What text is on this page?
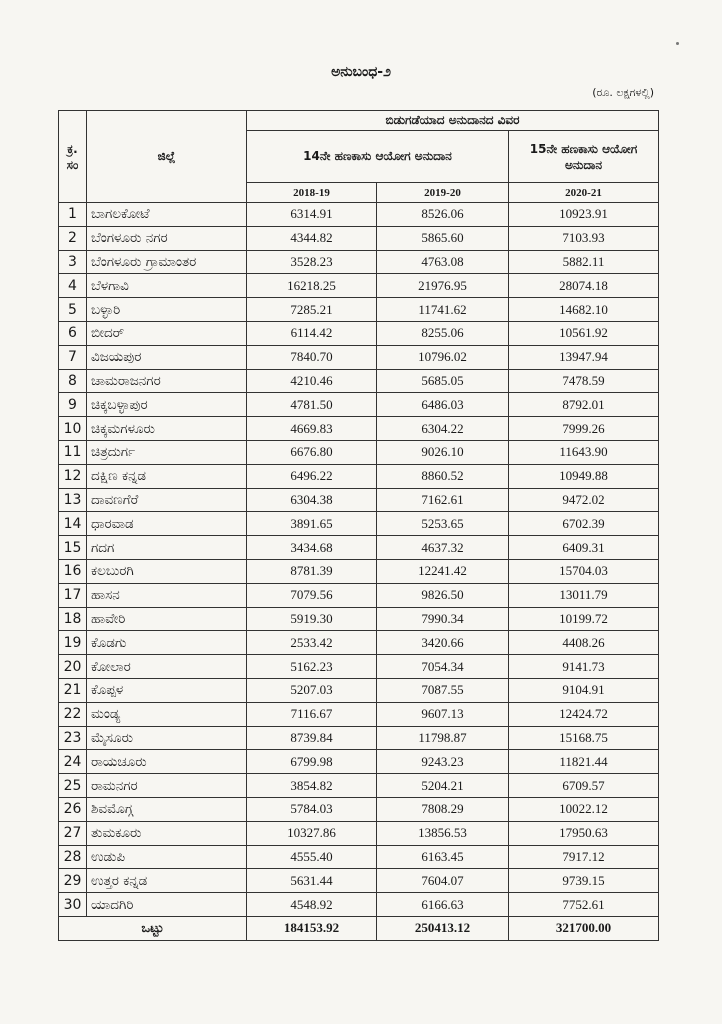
ಅನುಬಂಧ-೨
(ರೂ. ಲಕ್ಷಗಳಲ್ಲಿ)
ಕ್ರ. ಸಂ	ಜಿಲ್ಲೆ	ಬಿಡುಗಡೆಯಾದ ಅನುದಾನದ ವಿವರ		
		14ನೇ ಹಣಕಾಸು ಆಯೋಗ ಅನುದಾನ		15ನೇ ಹಣಕಾಸು ಆಯೋಗ ಅನುದಾನ
		2018-19	2019-20	2020-21
1	ಬಾಗಲಕೋಟೆ	6314.91	8526.06	10923.91
2	ಬೆಂಗಳೂರು ನಗರ	4344.82	5865.60	7103.93
3	ಬೆಂಗಳೂರು ಗ್ರಾಮಾಂತರ	3528.23	4763.08	5882.11
4	ಬೆಳಗಾವಿ	16218.25	21976.95	28074.18
5	ಬಳ್ಳಾರಿ	7285.21	11741.62	14682.10
6	ಬೀದರ್	6114.42	8255.06	10561.92
7	ವಿಜಯಪುರ	7840.70	10796.02	13947.94
8	ಚಾಮರಾಜನಗರ	4210.46	5685.05	7478.59
9	ಚಿಕ್ಕಬಳ್ಳಾಪುರ	4781.50	6486.03	8792.01
10	ಚಿಕ್ಕಮಗಳೂರು	4669.83	6304.22	7999.26
11	ಚಿತ್ರದುರ್ಗ	6676.80	9026.10	11643.90
12	ದಕ್ಷಿಣ ಕನ್ನಡ	6496.22	8860.52	10949.88
13	ದಾವಣಗೆರೆ	6304.38	7162.61	9472.02
14	ಧಾರವಾಡ	3891.65	5253.65	6702.39
15	ಗದಗ	3434.68	4637.32	6409.31
16	ಕಲಬುರಗಿ	8781.39	12241.42	15704.03
17	ಹಾಸನ	7079.56	9826.50	13011.79
18	ಹಾವೇರಿ	5919.30	7990.34	10199.72
19	ಕೊಡಗು	2533.42	3420.66	4408.26
20	ಕೋಲಾರ	5162.23	7054.34	9141.73
21	ಕೊಪ್ಪಳ	5207.03	7087.55	9104.91
22	ಮಂಡ್ಯ	7116.67	9607.13	12424.72
23	ಮೈಸೂರು	8739.84	11798.87	15168.75
24	ರಾಯಚೂರು	6799.98	9243.23	11821.44
25	ರಾಮನಗರ	3854.82	5204.21	6709.57
26	ಶಿವಮೊಗ್ಗ	5784.03	7808.29	10022.12
27	ತುಮಕೂರು	10327.86	13856.53	17950.63
28	ಉಡುಪಿ	4555.40	6163.45	7917.12
29	ಉತ್ತರ ಕನ್ನಡ	5631.44	7604.07	9739.15
30	ಯಾದಗಿರಿ	4548.92	6166.63	7752.61
ಒಟ್ಟು		184153.92	250413.12	321700.00
